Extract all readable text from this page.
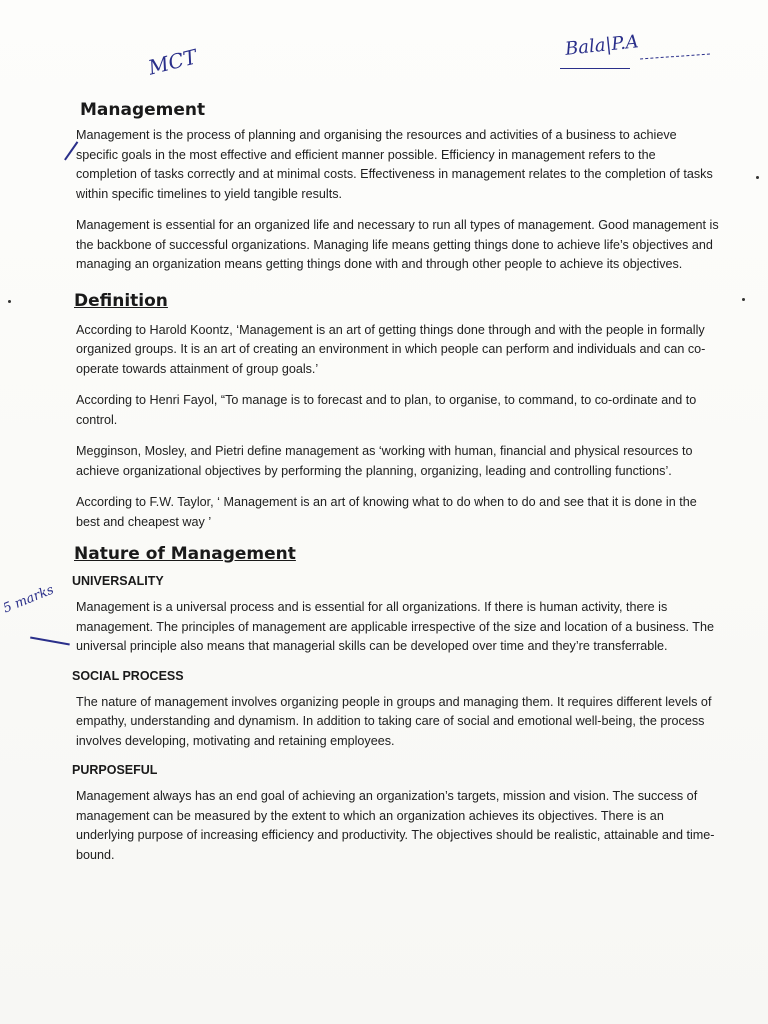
MCT	Bala|P.A
5 marks
Management

Management is the process of planning and organising the resources and activities of a business to achieve specific goals in the most effective and efficient manner possible. Efficiency in management refers to the completion of tasks correctly and at minimal costs. Effectiveness in management relates to the completion of tasks within specific timelines to yield tangible results.

Management is essential for an organized life and necessary to run all types of management. Good management is the backbone of successful organizations. Managing life means getting things done to achieve life’s objectives and managing an organization means getting things done with and through other people to achieve its objectives.

Definition

According to Harold Koontz, ‘Management is an art of getting things done through and with the people in formally organized groups. It is an art of creating an environment in which people can perform and individuals and can co-operate towards attainment of group goals.’

According to Henri Fayol, “To manage is to forecast and to plan, to organise, to command, to co-ordinate and to control.

Megginson, Mosley, and Pietri define management as ‘working with human, financial and physical resources to achieve organizational objectives by performing the planning, organizing, leading and controlling functions’.

According to F.W. Taylor, ‘ Management is an art of knowing what to do when to do and see that it is done in the best and cheapest way ’

Nature of Management
UNIVERSALITY

Management is a universal process and is essential for all organizations. If there is human activity, there is management. The principles of management are applicable irrespective of the size and location of a business. The universal principle also means that managerial skills can be developed over time and they’re transferrable.

SOCIAL PROCESS

The nature of management involves organizing people in groups and managing them. It requires different levels of empathy, understanding and dynamism. In addition to taking care of social and emotional well-being, the process involves developing, motivating and retaining employees.

PURPOSEFUL

Management always has an end goal of achieving an organization’s targets, mission and vision. The success of management can be measured by the extent to which an organization achieves its objectives. There is an underlying purpose of increasing efficiency and productivity. The objectives should be realistic, attainable and time-bound.
